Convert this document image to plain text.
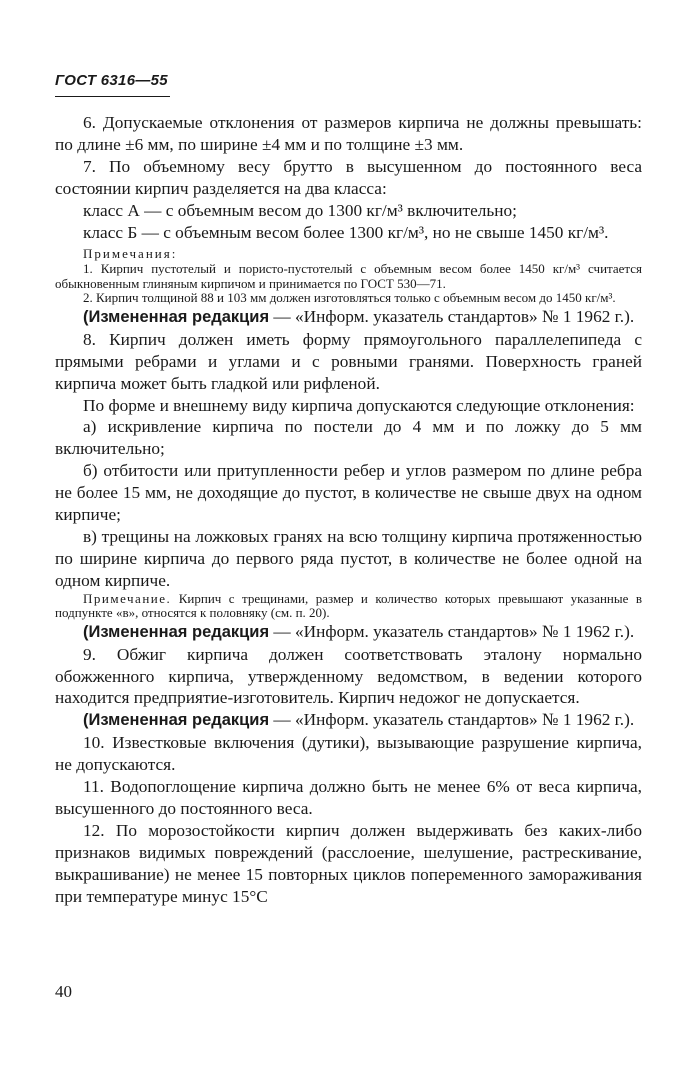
ГОСТ 6316—55

6. Допускаемые отклонения от размеров кирпича не должны превышать: по длине ±6 мм, по ширине ±4 мм и по толщине ±3 мм.

7. По объемному весу брутто в высушенном до постоянного веса состоянии кирпич разделяется на два класса:

класс А — с объемным весом до 1300 кг/м³ включительно;

класс Б — с объемным весом более 1300 кг/м³, но не свыше 1450 кг/м³.

Примечания:

1. Кирпич пустотелый и пористо-пустотелый с объемным весом более 1450 кг/м³ считается обыкновенным глиняным кирпичом и принимается по ГОСТ 530—71.

2. Кирпич толщиной 88 и 103 мм должен изготовляться только с объемным весом до 1450 кг/м³.

(Измененная редакция — «Информ. указатель стандартов» № 1 1962 г.).

8. Кирпич должен иметь форму прямоугольного параллелепипеда с прямыми ребрами и углами и с ровными гранями. Поверхность граней кирпича может быть гладкой или рифленой.

По форме и внешнему виду кирпича допускаются следующие отклонения:

а) искривление кирпича по постели до 4 мм и по ложку до 5 мм включительно;

б) отбитости или притупленности ребер и углов размером по длине ребра не более 15 мм, не доходящие до пустот, в количестве не свыше двух на одном кирпиче;

в) трещины на ложковых гранях на всю толщину кирпича протяженностью по ширине кирпича до первого ряда пустот, в количестве не более одной на одном кирпиче.

Примечание. Кирпич с трещинами, размер и количество которых превышают указанные в подпункте «в», относятся к половняку (см. п. 20).

(Измененная редакция — «Информ. указатель стандартов» № 1 1962 г.).

9. Обжиг кирпича должен соответствовать эталону нормально обожженного кирпича, утвержденному ведомством, в ведении которого находится предприятие-изготовитель. Кирпич недожог не допускается.

(Измененная редакция — «Информ. указатель стандартов» № 1 1962 г.).

10. Известковые включения (дутики), вызывающие разрушение кирпича, не допускаются.

11. Водопоглощение кирпича должно быть не менее 6% от веса кирпича, высушенного до постоянного веса.

12. По морозостойкости кирпич должен выдерживать без каких-либо признаков видимых повреждений (расслоение, шелушение, растрескивание, выкрашивание) не менее 15 повторных циклов попеременного замораживания при температуре минус 15°С

40
